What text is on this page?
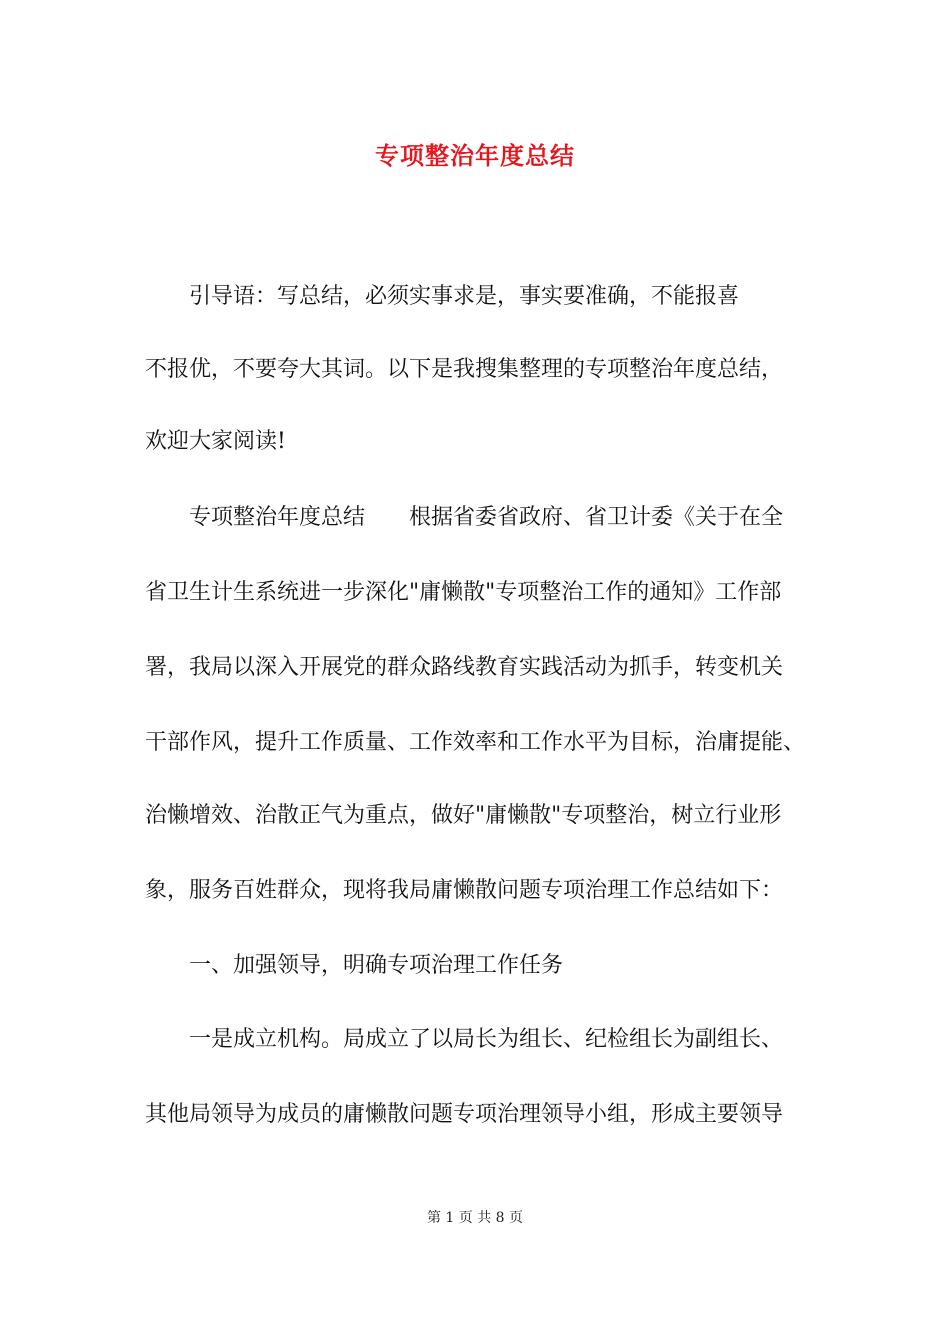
专项整治年度总结
　　引导语：写总结，必须实事求是，事实要准确，不能报喜
不报优，不要夸大其词。以下是我搜集整理的专项整治年度总结，
欢迎大家阅读!
　　专项整治年度总结　　根据省委省政府、省卫计委《关于在全
省卫生计生系统进一步深化"庸懒散"专项整治工作的通知》工作部
署，我局以深入开展党的群众路线教育实践活动为抓手，转变机关
干部作风，提升工作质量、工作效率和工作水平为目标，治庸提能、
治懒增效、治散正气为重点，做好"庸懒散"专项整治，树立行业形
象，服务百姓群众，现将我局庸懒散问题专项治理工作总结如下：
　　一、加强领导，明确专项治理工作任务
　　一是成立机构。局成立了以局长为组长、纪检组长为副组长、
其他局领导为成员的庸懒散问题专项治理领导小组，形成主要领导
第 1 页 共 8 页
